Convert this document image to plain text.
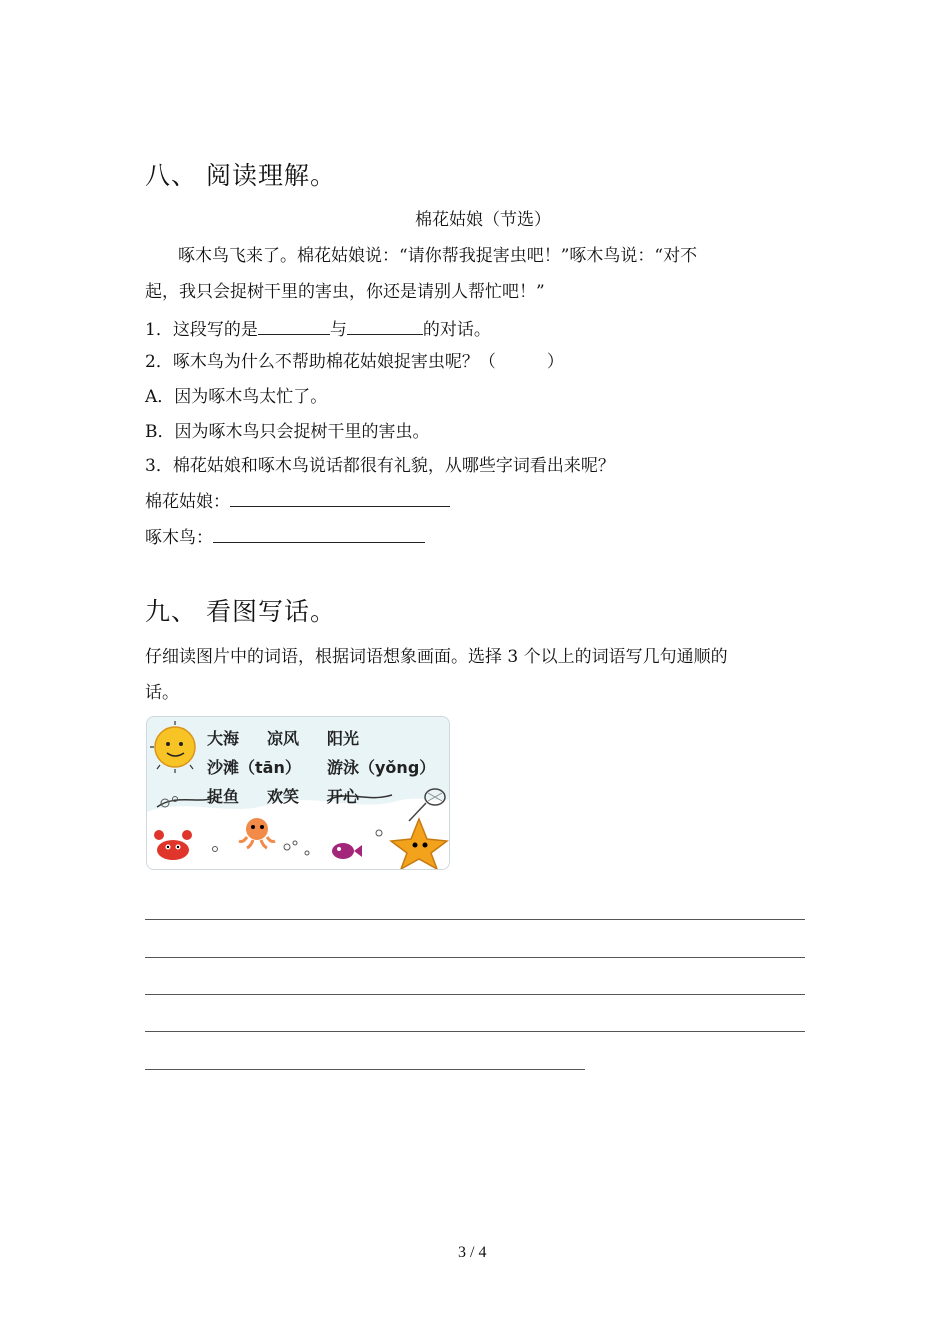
八、 阅读理解。
棉花姑娘（节选）
啄木鸟飞来了。棉花姑娘说：“请你帮我捉害虫吧！”啄木鸟说：“对不
起，我只会捉树干里的害虫，你还是请别人帮忙吧！”
1．这段写的是	与	的对话。
2．啄木鸟为什么不帮助棉花姑娘捉害虫呢？（　　　）
A．因为啄木鸟太忙了。
B．因为啄木鸟只会捉树干里的害虫。
3．棉花姑娘和啄木鸟说话都很有礼貌，从哪些字词看出来呢？
棉花姑娘：
啄木鸟：
九、 看图写话。
仔细读图片中的词语，根据词语想象画面。选择 3 个以上的词语写几句通顺的
话。
大海 凉风 阳光
沙滩（tān） 游泳（yǒng）
捉鱼 欢笑 开心
3 / 4
